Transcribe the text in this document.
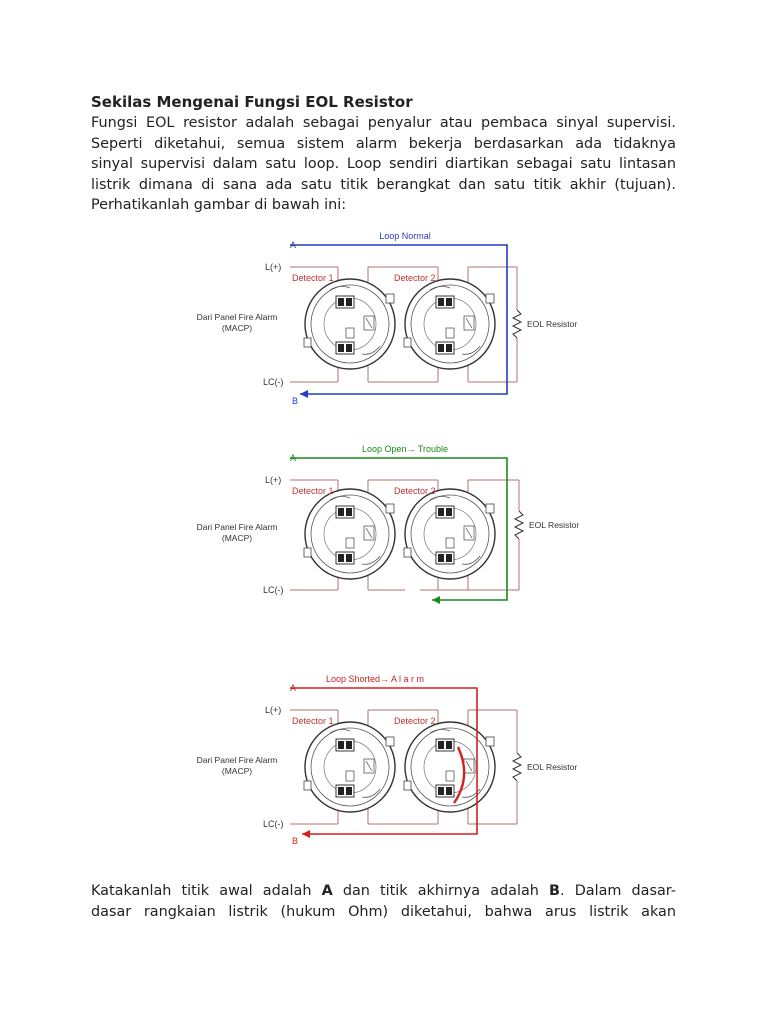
Sekilas Mengenai Fungsi EOL Resistor
Fungsi EOL resistor adalah sebagai penyalur atau pembaca sinyal supervisi.
Seperti diketahui, semua sistem alarm bekerja berdasarkan ada tidaknya
sinyal supervisi dalam satu loop. Loop sendiri diartikan sebagai satu lintasan
listrik dimana di sana ada satu titik berangkat dan satu titik akhir (tujuan).
Perhatikanlah gambar di bawah ini:
Loop Normal
A
B
L(+)
LC(-)
Detector 1	Detector 2
Dari Panel Fire Alarm
(MACP)	EOL Resistor
Loop Open→ Trouble
A
L(+)
LC(-)
Detector 1	Detector 2
Dari Panel Fire Alarm
(MACP)
EOL Resistor
Loop Shorted→ A l a r m
A
B
L(+)
LC(-)
Detector 1	Detector 2
Dari Panel Fire Alarm
(MACP)	EOL Resistor
Katakanlah titik awal adalah A dan titik akhirnya adalah B. Dalam dasar-
dasar rangkaian listrik (hukum Ohm) diketahui, bahwa arus listrik akan
